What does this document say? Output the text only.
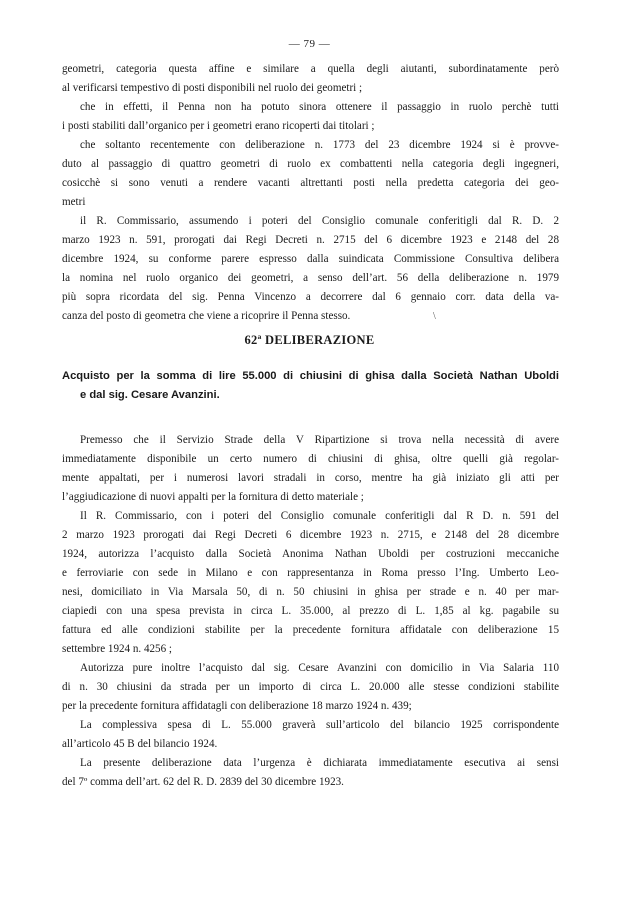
— 79 —
geometri, categoria questa affine e similare a quella degli aiutanti, subordinatamente però
al verificarsi tempestivo di posti disponibili nel ruolo dei geometri ;
che in effetti, il Penna non ha potuto sinora ottenere il passaggio in ruolo perchè tutti
i posti stabiliti dall’organico per i geometri erano ricoperti dai titolari ;
che soltanto recentemente con deliberazione n. 1773 del 23 dicembre 1924 si è provve-
duto al passaggio di quattro geometri di ruolo ex combattenti nella categoria degli ingegneri,
cosicchè si sono venuti a rendere vacanti altrettanti posti nella predetta categoria dei geo-
metri
il R. Commissario, assumendo i poteri del Consiglio comunale conferitigli dal R. D. 2
marzo 1923 n. 591, prorogati dai Regi Decreti n. 2715 del 6 dicembre 1923 e 2148 del 28
dicembre 1924, su conforme parere espresso dalla suindicata Commissione Consultiva delibera
la nomina nel ruolo organico dei geometri, a senso dell’art. 56 della deliberazione n. 1979
più sopra ricordata del sig. Penna Vincenzo a decorrere dal 6 gennaio corr. data della va-
canza del posto di geometra che viene a ricoprire il Penna stesso.	\
62ª DELIBERAZIONE
Acquisto per la somma di lire 55.000 di chiusini di ghisa dalla Società Nathan Uboldi
e dal sig. Cesare Avanzini.
Premesso che il Servizio Strade della V Ripartizione si trova nella necessità di avere
immediatamente disponibile un certo numero di chiusini di ghisa, oltre quelli già regolar-
mente appaltati, per i numerosi lavori stradali in corso, mentre ha già iniziato gli atti per
l’aggiudicazione di nuovi appalti per la fornitura di detto materiale ;
Il R. Commissario, con i poteri del Consiglio comunale conferitigli dal R D. n. 591 del
2 marzo 1923 prorogati dai Regi Decreti 6 dicembre 1923 n. 2715, e 2148 del 28 dicembre
1924, autorizza l’acquisto dalla Società Anonima Nathan Uboldi per costruzioni meccaniche
e ferroviarie con sede in Milano e con rappresentanza in Roma presso l’Ing. Umberto Leo-
nesi, domiciliato in Via Marsala 50, di n. 50 chiusini in ghisa per strade e n. 40 per mar-
ciapiedi con una spesa prevista in circa L. 35.000, al prezzo di L. 1,85 al kg. pagabile su
fattura ed alle condizioni stabilite per la precedente fornitura affidatale con deliberazione 15
settembre 1924 n. 4256 ;
Autorizza pure inoltre l’acquisto dal sig. Cesare Avanzini con domicilio in Via Salaria 110
di n. 30 chiusini da strada per un importo di circa L. 20.000 alle stesse condizioni stabilite
per la precedente fornitura affidatagli con deliberazione 18 marzo 1924 n. 439;
La complessiva spesa di L. 55.000 graverà sull’articolo del bilancio 1925 corrispondente
all’articolo 45 B del bilancio 1924.
La presente deliberazione data l’urgenza è dichiarata immediatamente esecutiva ai sensi
del 7º comma dell’art. 62 del R. D. 2839 del 30 dicembre 1923.
